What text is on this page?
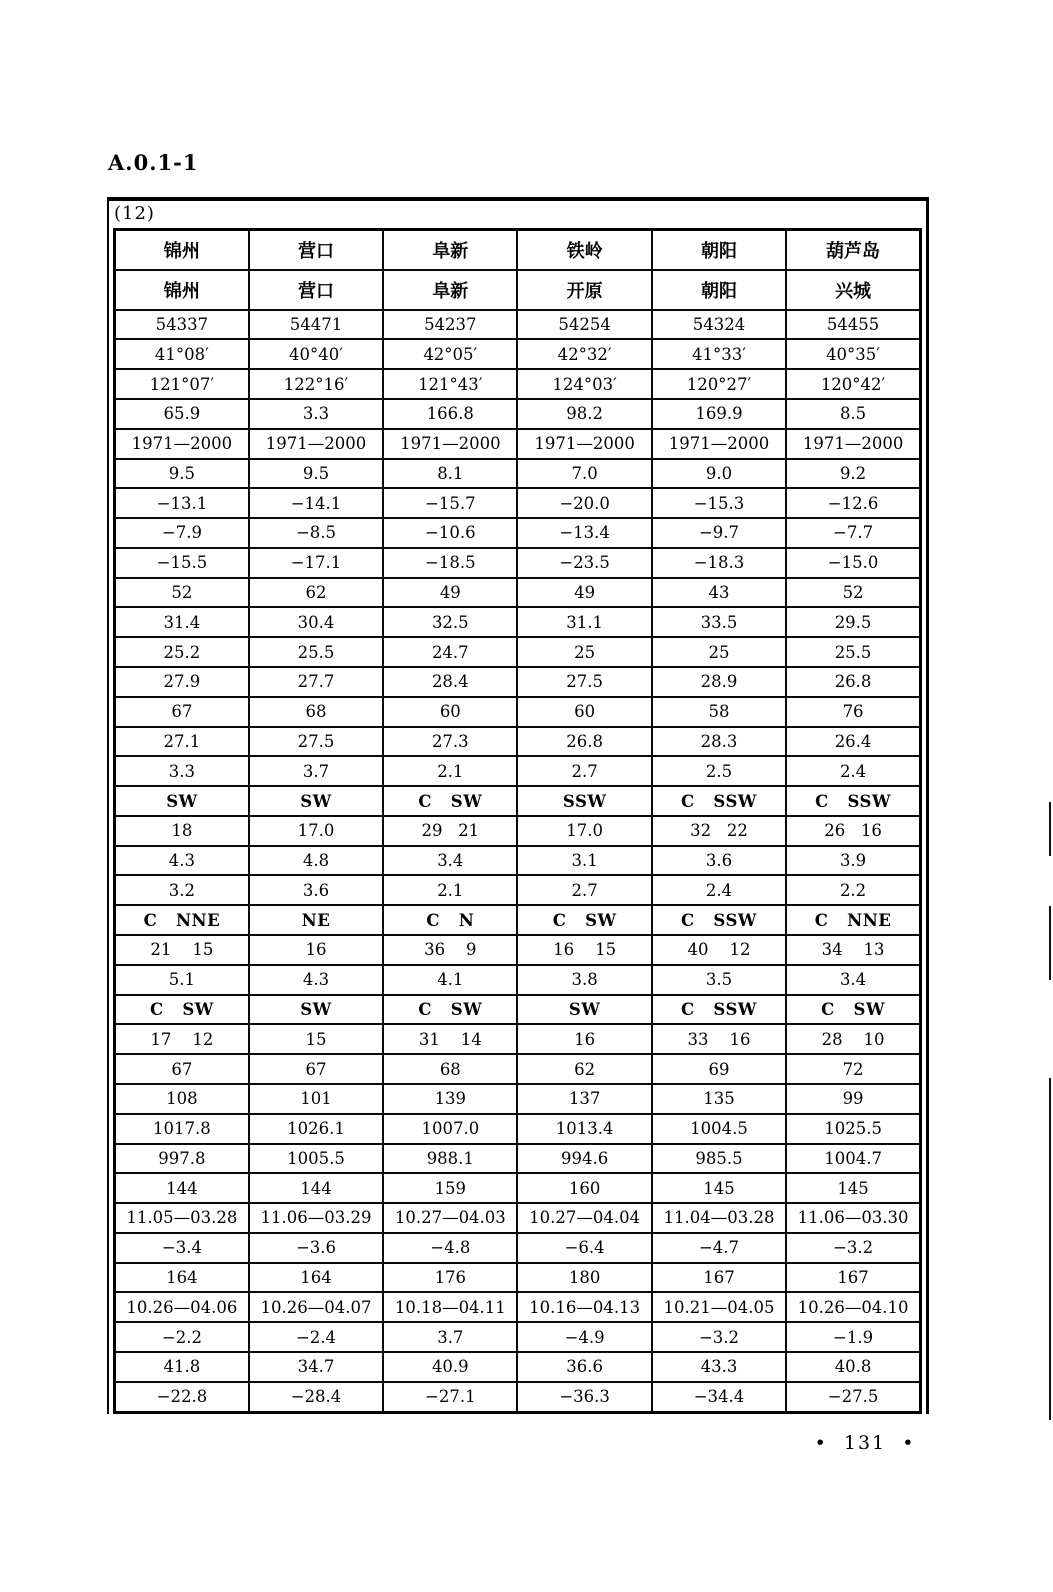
A.0.1-1
(12)
锦州	营口	阜新	铁岭	朝阳	葫芦岛
锦州	营口	阜新	开原	朝阳	兴城
54337	54471	54237	54254	54324	54455
41°08′	40°40′	42°05′	42°32′	41°33′	40°35′
121°07′	122°16′	121°43′	124°03′	120°27′	120°42′
65.9	3.3	166.8	98.2	169.9	8.5
1971—2000	1971—2000	1971—2000	1971—2000	1971—2000	1971—2000
9.5	9.5	8.1	7.0	9.0	9.2
−13.1	−14.1	−15.7	−20.0	−15.3	−12.6
−7.9	−8.5	−10.6	−13.4	−9.7	−7.7
−15.5	−17.1	−18.5	−23.5	−18.3	−15.0
52	62	49	49	43	52
31.4	30.4	32.5	31.1	33.5	29.5
25.2	25.5	24.7	25	25	25.5
27.9	27.7	28.4	27.5	28.9	26.8
67	68	60	60	58	76
27.1	27.5	27.3	26.8	28.3	26.4
3.3	3.7	2.1	2.7	2.5	2.4
SW	SW	C   SW	SSW	C   SSW	C   SSW
18	17.0	29   21	17.0	32   22	26   16
4.3	4.8	3.4	3.1	3.6	3.9
3.2	3.6	2.1	2.7	2.4	2.2
C   NNE	NE	C   N	C   SW	C   SSW	C   NNE
21    15	16	36    9	16    15	40    12	34    13
5.1	4.3	4.1	3.8	3.5	3.4
C   SW	SW	C   SW	SW	C   SSW	C   SW
17    12	15	31    14	16	33    16	28    10
67	67	68	62	69	72
108	101	139	137	135	99
1017.8	1026.1	1007.0	1013.4	1004.5	1025.5
997.8	1005.5	988.1	994.6	985.5	1004.7
144	144	159	160	145	145
11.05—03.28	11.06—03.29	10.27—04.03	10.27—04.04	11.04—03.28	11.06—03.30
−3.4	−3.6	−4.8	−6.4	−4.7	−3.2
164	164	176	180	167	167
10.26—04.06	10.26—04.07	10.18—04.11	10.16—04.13	10.21—04.05	10.26—04.10
−2.2	−2.4	3.7	−4.9	−3.2	−1.9
41.8	34.7	40.9	36.6	43.3	40.8
−22.8	−28.4	−27.1	−36.3	−34.4	−27.5
•  131  •
